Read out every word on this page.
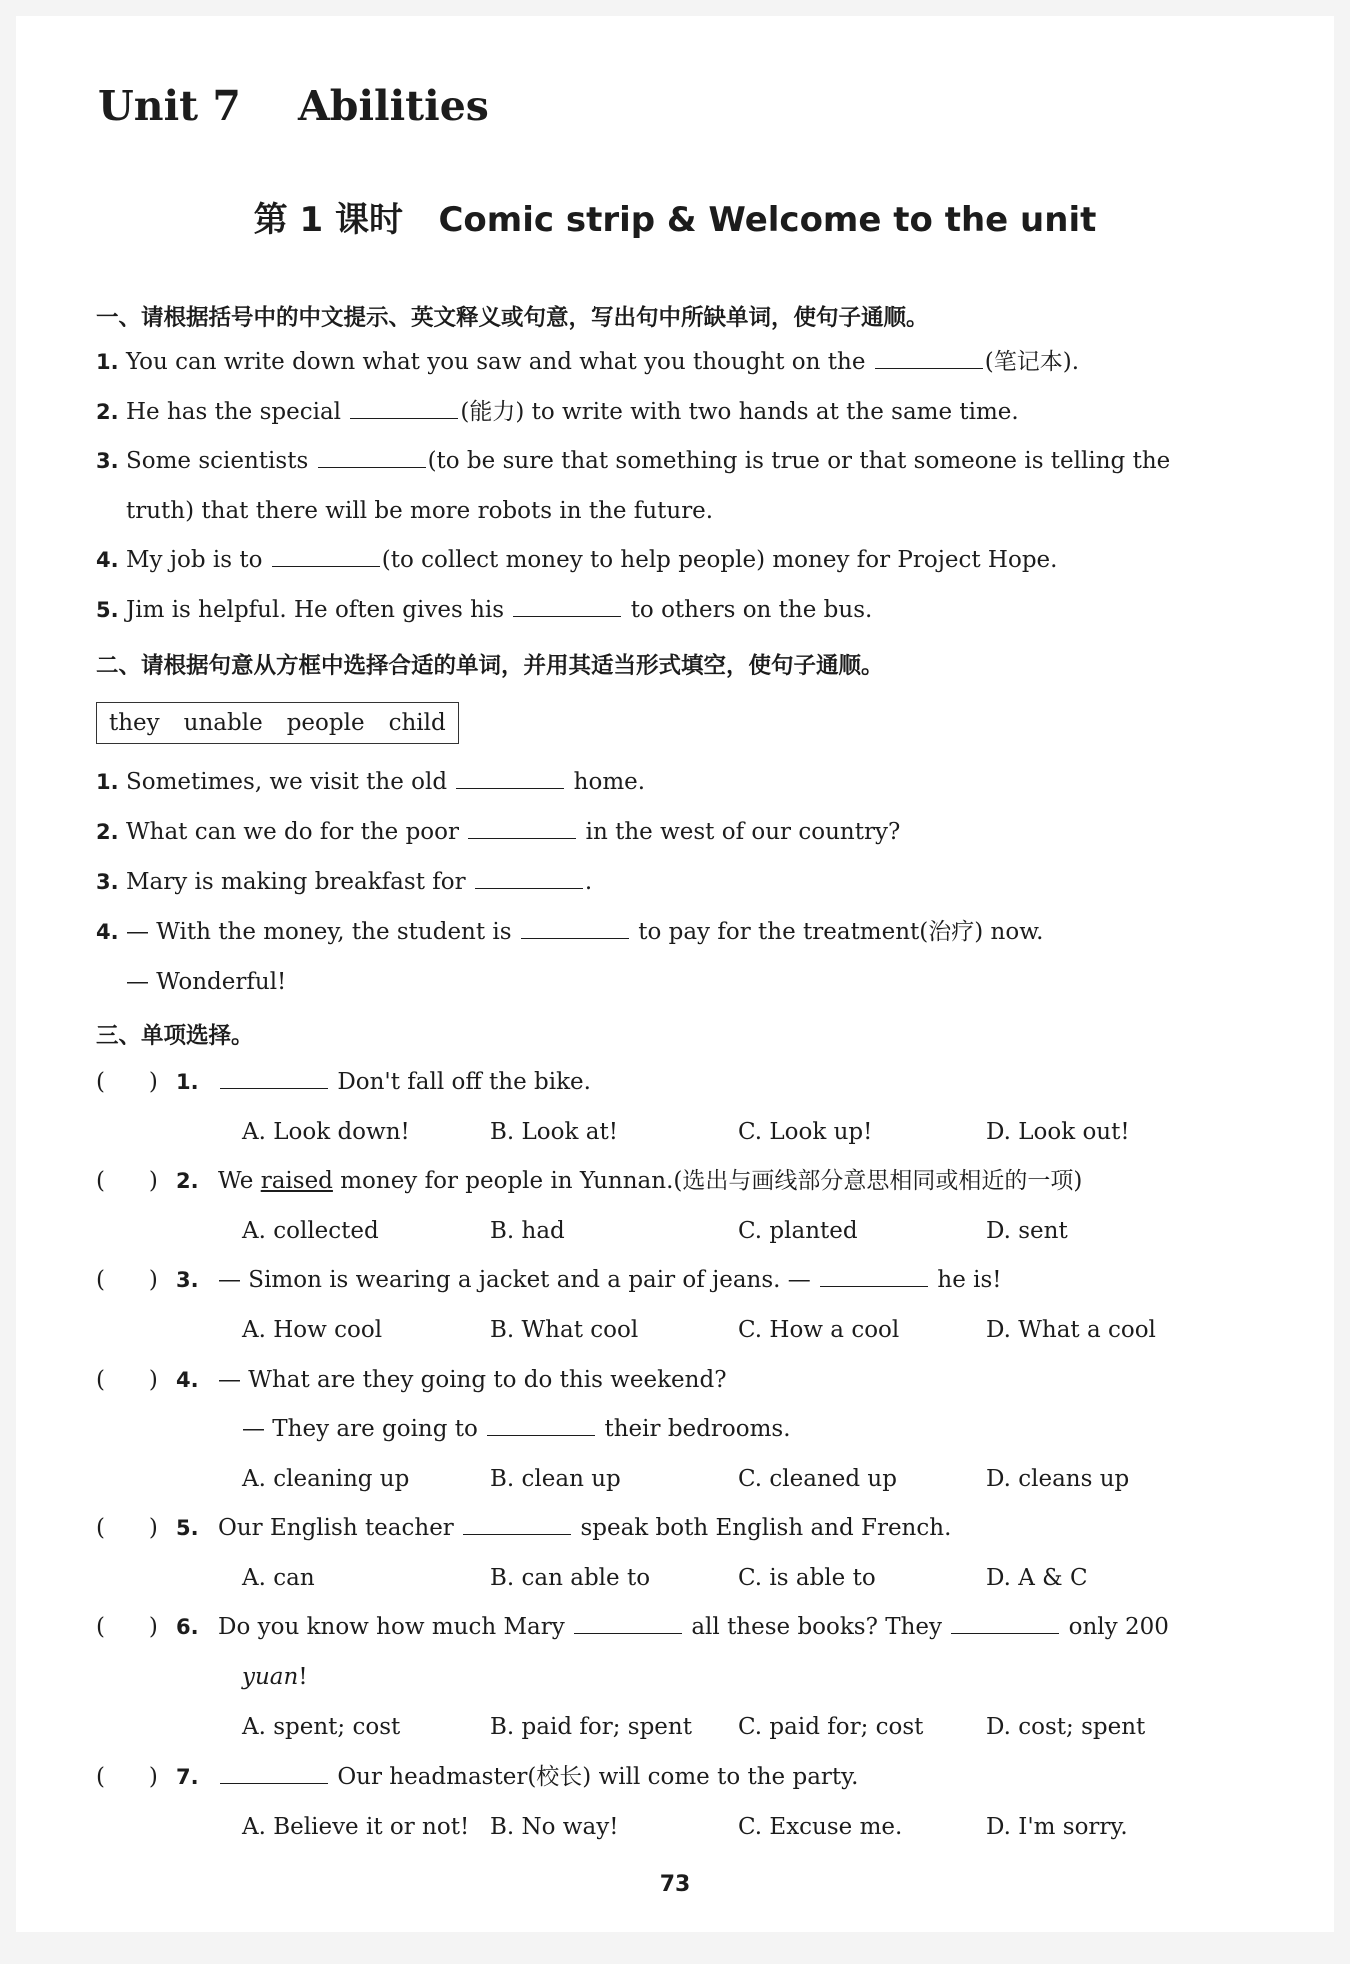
Unit 7    Abilities
第 1 课时   Comic strip & Welcome to the unit
一、请根据括号中的中文提示、英文释义或句意，写出句中所缺单词，使句子通顺。
1. You can write down what you saw and what you thought on the	(笔记本).
2. He has the special	(能力) to write with two hands at the same time.
3. Some scientists	(to be sure that something is true or that someone is telling the
truth) that there will be more robots in the future.
4. My job is to	(to collect money to help people) money for Project Hope.
5. Jim is helpful. He often gives his	to others on the bus.
二、请根据句意从方框中选择合适的单词，并用其适当形式填空，使句子通顺。
they unable people child
1. Sometimes, we visit the old	home.
2. What can we do for the poor	in the west of our country?
3. Mary is making breakfast for	.
4. — With the money, the student is	to pay for the treatment(治疗) now.
— Wonderful!
三、单项选择。
( ) 1.	Don't fall off the bike.
A. Look down!	B. Look at!	C. Look up!	D. Look out!
( ) 2. We raised money for people in Yunnan.(选出与画线部分意思相同或相近的一项)
A. collected	B. had	C. planted	D. sent
( ) 3. — Simon is wearing a jacket and a pair of jeans. —	he is!
A. How cool	B. What cool	C. How a cool	D. What a cool
( ) 4. — What are they going to do this weekend?
— They are going to	their bedrooms.
A. cleaning up	B. clean up	C. cleaned up	D. cleans up
( ) 5. Our English teacher	speak both English and French.
A. can	B. can able to	C. is able to	D. A & C
( ) 6. Do you know how much Mary	all these books? They	only 200
yuan!
A. spent; cost	B. paid for; spent C. paid for; cost	D. cost; spent
( ) 7.	Our headmaster(校长) will come to the party.
A. Believe it or not! B. No way!	C. Excuse me.	D. I'm sorry.
73
